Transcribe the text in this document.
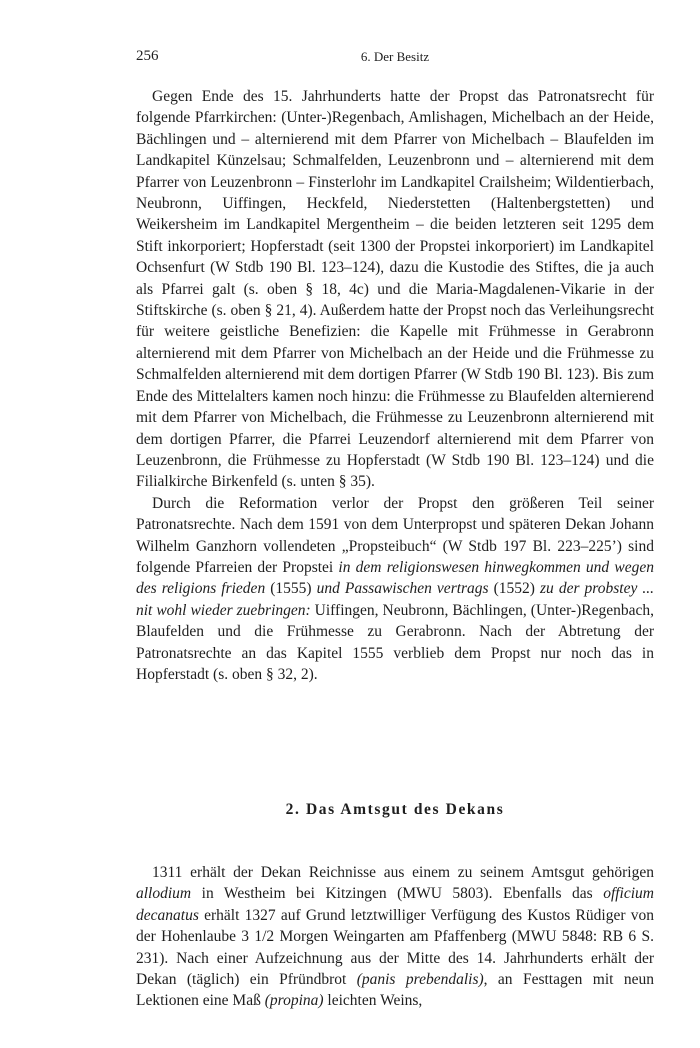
256	6. Der Besitz

Gegen Ende des 15. Jahrhunderts hatte der Propst das Patronatsrecht für folgende Pfarrkirchen: (Unter-)Regenbach, Amlishagen, Michelbach an der Heide, Bächlingen und – alternierend mit dem Pfarrer von Michelbach – Blaufelden im Landkapitel Künzelsau; Schmalfelden, Leuzenbronn und – alternierend mit dem Pfarrer von Leuzenbronn – Finsterlohr im Landkapitel Crailsheim; Wildentierbach, Neubronn, Uiffingen, Heckfeld, Niederstetten (Haltenbergstetten) und Weikersheim im Landkapitel Mergentheim – die beiden letzteren seit 1295 dem Stift inkorporiert; Hopferstadt (seit 1300 der Propstei inkorporiert) im Landkapitel Ochsenfurt (W Stdb 190 Bl. 123–124), dazu die Kustodie des Stiftes, die ja auch als Pfarrei galt (s. oben § 18, 4c) und die Maria-Magdalenen-Vikarie in der Stiftskirche (s. oben § 21, 4). Außerdem hatte der Propst noch das Verleihungsrecht für weitere geistliche Benefizien: die Kapelle mit Frühmesse in Gerabronn alternierend mit dem Pfarrer von Michelbach an der Heide und die Frühmesse zu Schmalfelden alternierend mit dem dortigen Pfarrer (W Stdb 190 Bl. 123). Bis zum Ende des Mittelalters kamen noch hinzu: die Frühmesse zu Blaufelden alternierend mit dem Pfarrer von Michelbach, die Frühmesse zu Leuzenbronn alternierend mit dem dortigen Pfarrer, die Pfarrei Leuzendorf alternierend mit dem Pfarrer von Leuzenbronn, die Frühmesse zu Hopferstadt (W Stdb 190 Bl. 123–124) und die Filialkirche Birkenfeld (s. unten § 35).

Durch die Reformation verlor der Propst den größeren Teil seiner Patronatsrechte. Nach dem 1591 von dem Unterpropst und späteren Dekan Johann Wilhelm Ganzhorn vollendeten „Propsteibuch“ (W Stdb 197 Bl. 223–225’) sind folgende Pfarreien der Propstei in dem religionswesen hinwegkommen und wegen des religions frieden (1555) und Passawischen vertrags (1552) zu der probstey ... nit wohl wieder zuebringen: Uiffingen, Neubronn, Bächlingen, (Unter-)Regenbach, Blaufelden und die Frühmesse zu Gerabronn. Nach der Abtretung der Patronatsrechte an das Kapitel 1555 verblieb dem Propst nur noch das in Hopferstadt (s. oben § 32, 2).

2. Das Amtsgut des Dekans

1311 erhält der Dekan Reichnisse aus einem zu seinem Amtsgut gehörigen allodium in Westheim bei Kitzingen (MWU 5803). Ebenfalls das officium decanatus erhält 1327 auf Grund letztwilliger Verfügung des Kustos Rüdiger von der Hohenlaube 3 1/2 Morgen Weingarten am Pfaffenberg (MWU 5848: RB 6 S. 231). Nach einer Aufzeichnung aus der Mitte des 14. Jahrhunderts erhält der Dekan (täglich) ein Pfründbrot (panis prebendalis), an Festtagen mit neun Lektionen eine Maß (propina) leichten Weins,
